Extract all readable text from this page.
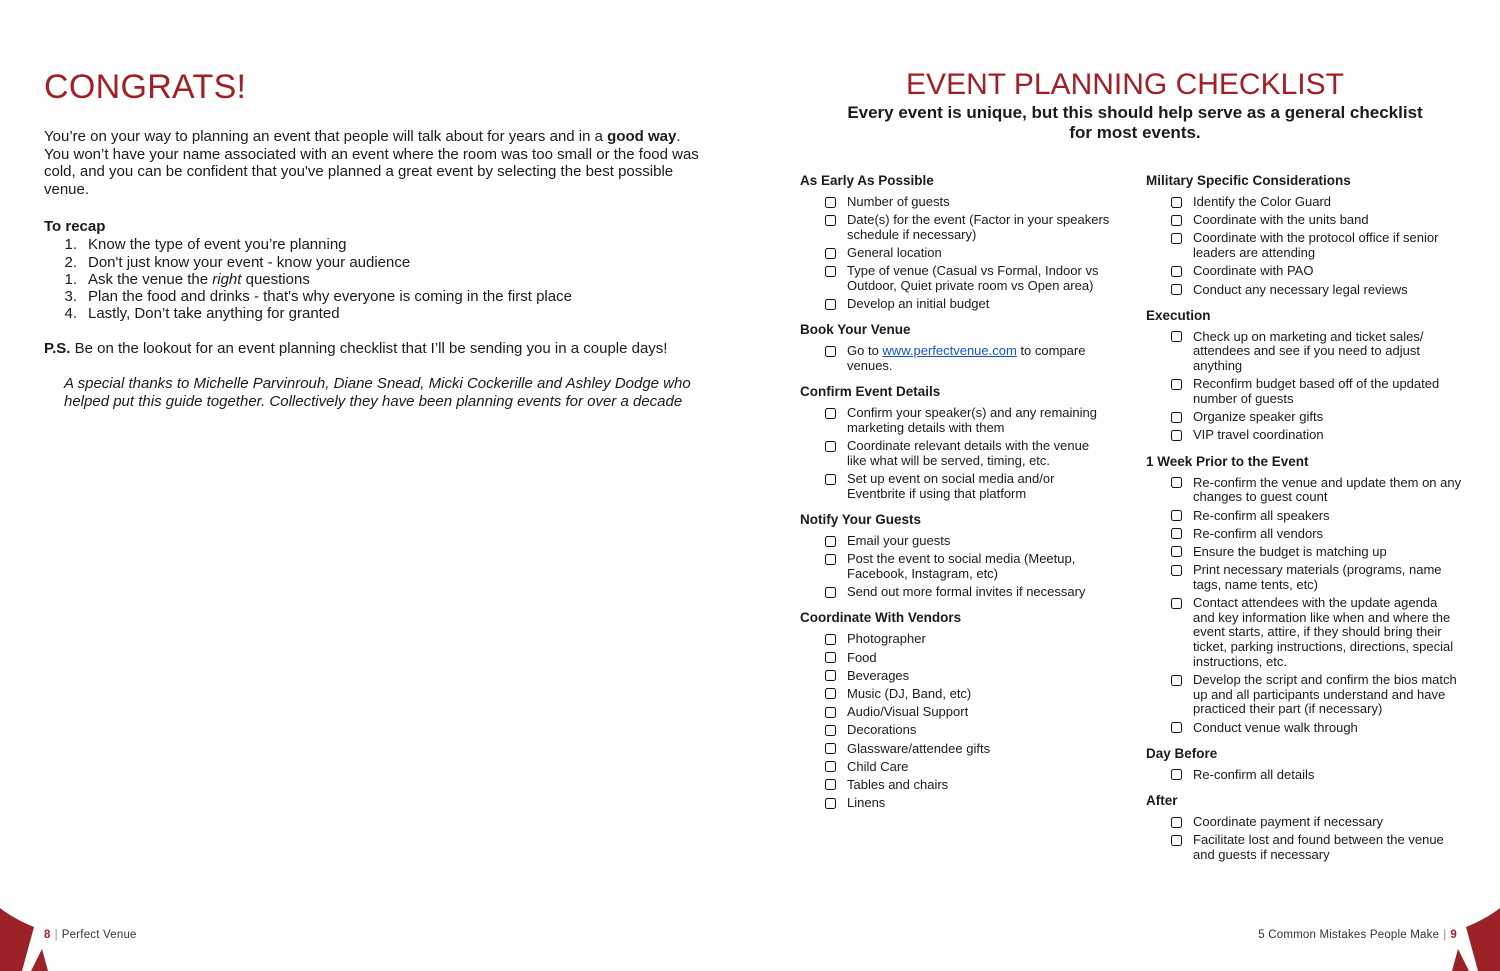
CONGRATS!

You’re on your way to planning an event that people will talk about for years and in a good way. You won’t have your name associated with an event where the room was too small or the food was cold, and you can be confident that you've planned a great event by selecting the best possible venue.

To recap
1. Know the type of event you’re planning
2. Don't just know your event - know your audience
1. Ask the venue the right questions
3. Plan the food and drinks - that's why everyone is coming in the first place
4. Lastly, Don’t take anything for granted

P.S. Be on the lookout for an event planning checklist that I’ll be sending you in a couple days!

A special thanks to Michelle Parvinrouh, Diane Snead, Micki Cockerille and Ashley Dodge who helped put this guide together. Collectively they have been planning events for over a decade

EVENT PLANNING CHECKLIST
Every event is unique, but this should help serve as a general checklist for most events.
As Early As Possible
Number of guests
Date(s) for the event (Factor in your speakers schedule if necessary)
General location
Type of venue (Casual vs Formal, Indoor vs Outdoor, Quiet private room vs Open area)
Develop an initial budget
Book Your Venue
Go to www.perfectvenue.com to compare venues.
Confirm Event Details
Confirm your speaker(s) and any remaining marketing details with them
Coordinate relevant details with the venue like what will be served, timing, etc.
Set up event on social media and/or Eventbrite if using that platform
Notify Your Guests
Email your guests
Post the event to social media (Meetup, Facebook, Instagram, etc)
Send out more formal invites if necessary
Coordinate With Vendors
Photographer
Food
Beverages
Music (DJ, Band, etc)
Audio/Visual Support
Decorations
Glassware/attendee gifts
Child Care
Tables and chairs
Linens
Military Specific Considerations
Identify the Color Guard
Coordinate with the units band
Coordinate with the protocol office if senior leaders are attending
Coordinate with PAO
Conduct any necessary legal reviews
Execution
Check up on marketing and ticket sales/ attendees and see if you need to adjust anything
Reconfirm budget based off of the updated number of guests
Organize speaker gifts
VIP travel coordination
1 Week Prior to the Event
Re-confirm the venue and update them on any changes to guest count
Re-confirm all speakers
Re-confirm all vendors
Ensure the budget is matching up
Print necessary materials (programs, name tags, name tents, etc)
Contact attendees with the update agenda and key information like when and where the event starts, attire, if they should bring their ticket, parking instructions, directions, special instructions, etc.
Develop the script and confirm the bios match up and all participants understand and have practiced their part (if necessary)
Conduct venue walk through
Day Before
Re-confirm all details
After
Coordinate payment if necessary
Facilitate lost and found between the venue and guests if necessary
8 | Perfect Venue	5 Common Mistakes People Make | 9
